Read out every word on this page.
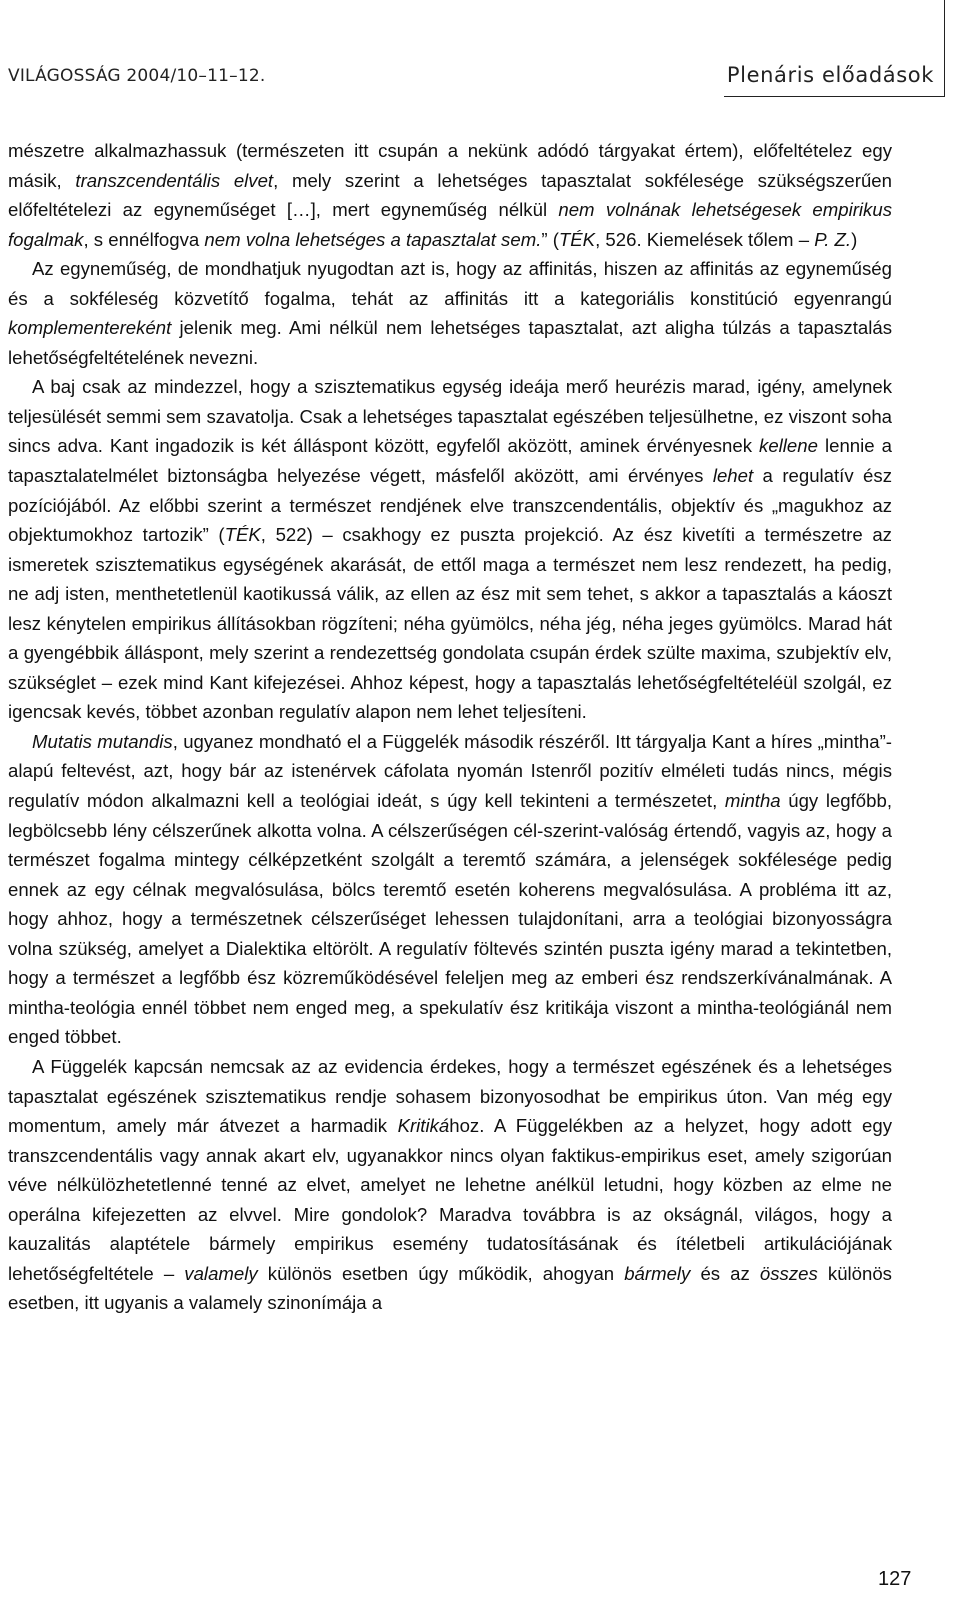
VILÁGOSSÁG 2004/10–11–12.	Plenáris előadások

mészetre alkalmazhassuk (természeten itt csupán a nekünk adódó tárgyakat értem), előfeltételez egy másik, transzcendentális elvet, mely szerint a lehetséges tapasztalat sokfélesége szükségszerűen előfeltételezi az egyneműséget […], mert egyneműség nélkül nem volnának lehetségesek empirikus fogalmak, s ennélfogva nem volna lehetséges a tapasztalat sem.” (TÉK, 526. Kiemelések tőlem – P. Z.)

Az egyneműség, de mondhatjuk nyugodtan azt is, hogy az affinitás, hiszen az affinitás az egyneműség és a sokféleség közvetítő fogalma, tehát az affinitás itt a kategoriális konstitúció egyenrangú komplementereként jelenik meg. Ami nélkül nem lehetséges tapasztalat, azt aligha túlzás a tapasztalás lehetőségfeltételének nevezni.

A baj csak az mindezzel, hogy a szisztematikus egység ideája merő heurézis marad, igény, amelynek teljesülését semmi sem szavatolja. Csak a lehetséges tapasztalat egészében teljesülhetne, ez viszont soha sincs adva. Kant ingadozik is két álláspont között, egyfelől aközött, aminek érvényesnek kellene lennie a tapasztalatelmélet biztonságba helyezése végett, másfelől aközött, ami érvényes lehet a regulatív ész pozíciójából. Az előbbi szerint a természet rendjének elve transzcendentális, objektív és „magukhoz az objektumokhoz tartozik” (TÉK, 522) – csakhogy ez puszta projekció. Az ész kivetíti a természetre az ismeretek szisztematikus egységének akarását, de ettől maga a természet nem lesz rendezett, ha pedig, ne adj isten, menthetetlenül kaotikussá válik, az ellen az ész mit sem tehet, s akkor a tapasztalás a káoszt lesz kénytelen empirikus állításokban rögzíteni; néha gyümölcs, néha jég, néha jeges gyümölcs. Marad hát a gyengébbik álláspont, mely szerint a rendezettség gondolata csupán érdek szülte maxima, szubjektív elv, szükséglet – ezek mind Kant kifejezései. Ahhoz képest, hogy a tapasztalás lehetőségfeltételéül szolgál, ez igencsak kevés, többet azonban regulatív alapon nem lehet teljesíteni.

Mutatis mutandis, ugyanez mondható el a Függelék második részéről. Itt tárgyalja Kant a híres „mintha”-alapú feltevést, azt, hogy bár az istenérvek cáfolata nyomán Istenről pozitív elméleti tudás nincs, mégis regulatív módon alkalmazni kell a teológiai ideát, s úgy kell tekinteni a természetet, mintha úgy legfőbb, legbölcsebb lény célszerűnek alkotta volna. A célszerűségen cél-szerint-valóság értendő, vagyis az, hogy a természet fogalma mintegy célképzetként szolgált a teremtő számára, a jelenségek sokfélesége pedig ennek az egy célnak megvalósulása, bölcs teremtő esetén koherens megvalósulása. A probléma itt az, hogy ahhoz, hogy a természetnek célszerűséget lehessen tulajdonítani, arra a teológiai bizonyosságra volna szükség, amelyet a Dialektika eltörölt. A regulatív föltevés szintén puszta igény marad a tekintetben, hogy a természet a legfőbb ész közreműködésével feleljen meg az emberi ész rendszerkívánalmának. A mintha-teológia ennél többet nem enged meg, a spekulatív ész kritikája viszont a mintha-teológiánál nem enged többet.

A Függelék kapcsán nemcsak az az evidencia érdekes, hogy a természet egészének és a lehetséges tapasztalat egészének szisztematikus rendje sohasem bizonyosodhat be empirikus úton. Van még egy momentum, amely már átvezet a harmadik Kritikához. A Függelékben az a helyzet, hogy adott egy transzcendentális vagy annak akart elv, ugyanakkor nincs olyan faktikus-empirikus eset, amely szigorúan véve nélkülözhetetlenné tenné az elvet, amelyet ne lehetne anélkül letudni, hogy közben az elme ne operálna kifejezetten az elvvel. Mire gondolok? Maradva továbbra is az okságnál, világos, hogy a kauzalitás alaptétele bármely empirikus esemény tudatosításának és ítéletbeli artikulációjának lehetőségfeltétele – valamely különös esetben úgy működik, ahogyan bármely és az összes különös esetben, itt ugyanis a valamely szinonímája a

127
